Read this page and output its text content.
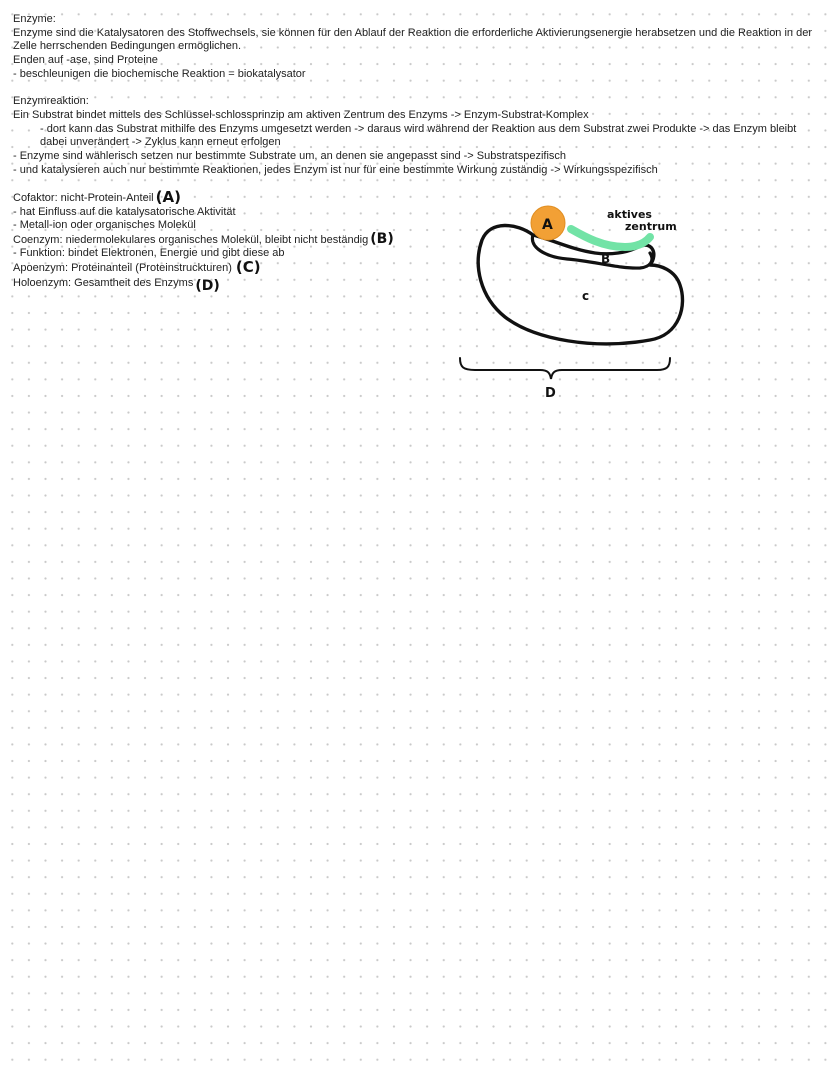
Enzyme:
Enzyme sind die Katalysatoren des Stoffwechsels, sie können für den Ablauf der Reaktion die erforderliche Aktivierungsenergie herabsetzen und die Reaktion in der Zelle herrschenden Bedingungen ermöglichen.
Enden auf -ase, sind Proteine
- beschleunigen die biochemische Reaktion = biokatalysator
Enzymreaktion:
Ein Substrat bindet mittels des Schlüssel-schlossprinzip am aktiven Zentrum des Enzyms -> Enzym-Substrat-Komplex
- dort kann das Substrat mithilfe des Enzyms umgesetzt werden -> daraus wird während der Reaktion aus dem Substrat zwei Produkte -> das Enzym bleibt dabei unverändert -> Zyklus kann erneut erfolgen
- Enzyme sind wählerisch setzen nur bestimmte Substrate um, an denen sie angepasst sind -> Substratspezifisch
- und katalysieren auch nur bestimmte Reaktionen, jedes Enzym ist nur für eine bestimmte Wirkung zuständig -> Wirkungsspezifisch
Cofaktor: nicht-Protein-Anteil (A)
- hat Einfluss auf die katalysatorische Aktivität
- Metall-ion oder organisches Molekül
Coenzym: niedermolekulares organisches Molekül, bleibt nicht beständig (B)
- Funktion: bindet Elektronen, Energie und gibt diese ab
Apoenzym: Proteinanteil (Proteinstruckturen) (C)
Holoenzym: Gesamtheit des Enzyms (D)
A
B
c
aktives
zentrum
D
